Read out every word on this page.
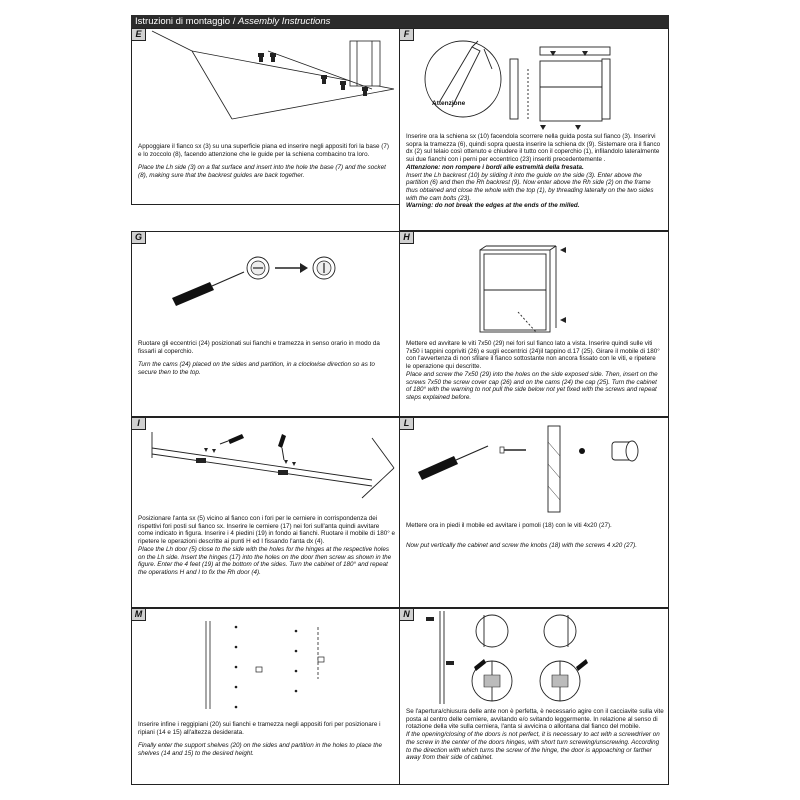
Istruzioni di montaggio / Assembly Instructions
E

Appoggiare il fianco sx (3) su una superficie piana ed inserire negli appositi fori la base (7) e lo zoccolo (8), facendo attenzione che le guide per la schiena combacino tra loro.

Place the Lh side (3) on a flat surface and insert into the hole the base (7) and the socket (8), making sure that the backrest guides are back together.

F
Attenzione

Inserire ora la schiena sx (10) facendola scorrere nella guida posta sul fianco (3). Inserirvi sopra la tramezza (6), quindi sopra questa inserire la schiena dx (9). Sistemare ora il fianco dx (2) sul telaio così ottenuto e chiudere il tutto con il coperchio (1), infilandolo lateralmente sui due fianchi con i perni per eccentrico (23) inseriti precedentemente .

Attenzione: non rompere i bordi alle estremità della fresata.

Insert the Lh backrest (10) by sliding it into the guide on the side (3). Enter above the partition (6) and then the Rh backrest (9). Now enter above the Rh side (2) on the frame thus obtained and close the whole with the top (1), by threading laterally on the two sides with the cam bolts (23).

Warning: do not break the edges at the ends of the milled.

G

Ruotare gli eccentrici (24) posizionati sui fianchi e tramezza in senso orario in modo da fissarli al coperchio.

Turn the cams (24) placed on the sides and partition, in a clockwise direction so as to secure then to the top.

H

Mettere ed avvitare le viti 7x50 (29) nei fori sul fianco lato a vista. Inserire quindi sulle viti 7x50 i tappini copriviti (26) e sugli eccentrici (24)il tappino d.17 (25). Girare il mobile di 180° con l'avvertenza di non sfilare il fianco sottostante non ancora fissato con le viti, e ripetere le operazione qui descritte.

Place and screw the 7x50 (29) into the holes on the side exposed side. Then, insert on the screws 7x50 the screw cover cap (26) and on the cams (24) the cap (25). Turn the cabinet of 180° with the warning to not pull the side below not yet fixed with the screws and repeat steps explained before.

I

Posizionare l'anta sx (5) vicino al fianco con i fori per le cerniere in corrispondenza dei rispettivi fori posti sul fianco sx. Inserire le cerniere (17) nei fori sull'anta quindi avvitare come indicato in figura. Inserire i 4 piedini (19) in fondo ai fianchi. Ruotare il mobile di 180° e ripetere le operazioni descritte ai punti H ed I fissando l'anta dx (4).

Place the Lh door (5) close to the side with the holes for the hinges at the respective holes on the Lh side. Insert the hinges (17) into the holes on the door then screw as shown in the figure. Enter the 4 feet (19) at the bottom of the sides. Turn the cabinet of 180° and repeat the operations H and I to fix the Rh door (4).

L

Mettere ora in piedi il mobile ed avvitare i pomoli (18) con le viti 4x20 (27).

Now put vertically the cabinet and screw the knobs (18) with the screws 4 x20 (27).

M

Inserire infine i reggipiani (20) sui fianchi e tramezza negli appositi fori per posizionare i ripiani (14 e 15) all'altezza desiderata.

Finally enter the support shelves (20) on the sides and partition in the holes to place the shelves (14 and 15) to the desired height.

N

Se l'apertura/chiusura delle ante non è perfetta, è necessario agire con il cacciavite sulla vite posta al centro delle cerniere, avvitando e/o svitando leggermente. In relazione al senso di rotazione della vite sulla cerniera, l'anta si avvicina o allontana dal fianco del mobile.

If the opening/closing of the doors is not perfect, it is necessary to act with a screwdriver on the screw in the center of the doors hinges, with short turn screwing/unscrewing. According to the direction with which turns the screw of the hinge, the door is appoaching or farther away from their side of cabinet.
